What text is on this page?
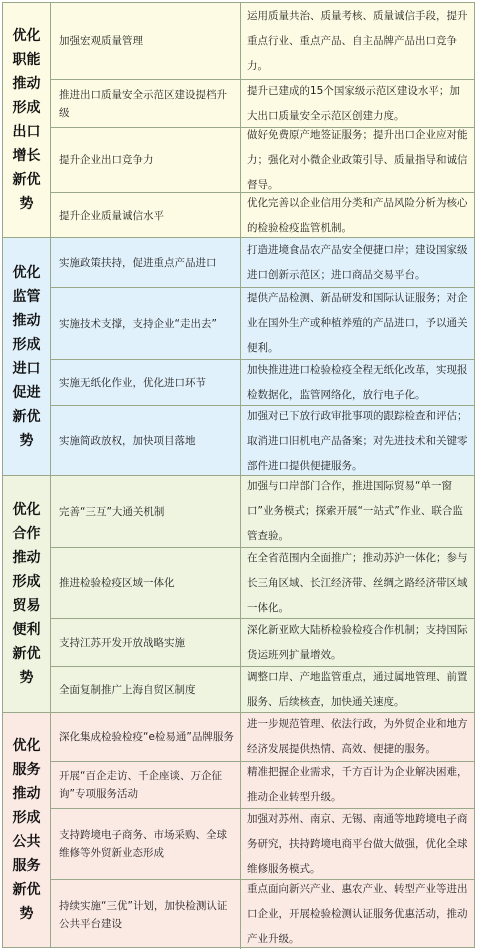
优化职能推动形成出口增长新优势
加强宏观质量管理
运用质量共治、质量考核、质量诚信手段，提升重点行业、重点产品、自主品牌产品出口竞争力。
推进出口质量安全示范区建设提档升级
提升已建成的15个国家级示范区建设水平；加大出口质量安全示范区创建力度。
提升企业出口竞争力
做好免费原产地签证服务；提升出口企业应对能力；强化对小微企业政策引导、质量指导和诚信督导。
提升企业质量诚信水平
优化完善以企业信用分类和产品风险分析为核心的检验检疫监管机制。
优化监管推动形成进口促进新优势
实施政策扶持，促进重点产品进口
打造进境食品农产品安全便捷口岸；建设国家级进口创新示范区；进口商品交易平台。
实施技术支撑，支持企业“走出去”
提供产品检测、新品研发和国际认证服务；对企业在国外生产或种植养殖的产品进口，予以通关便利。
实施无纸化作业，优化进口环节
加快推进进口检验检疫全程无纸化改革，实现报检数据化，监管网络化，放行电子化。
实施简政放权，加快项目落地
加强对已下放行政审批事项的跟踪检查和评估；取消进口旧机电产品备案；对先进技术和关键零部件进口提供便捷服务。
优化合作推动形成贸易便利新优势
完善“三互”大通关机制
加强与口岸部门合作，推进国际贸易“单一窗口”业务模式；探索开展“一站式”作业、联合监管查验。
推进检验检疫区域一体化
在全省范围内全面推广；推动苏沪一体化；参与长三角区域、长江经济带、丝绸之路经济带区域一体化。
支持江苏开发开放战略实施
深化新亚欧大陆桥检验检疫合作机制；支持国际货运班列扩量增效。
全面复制推广上海自贸区制度
调整口岸、产地监管重点，通过属地管理、前置服务、后续核查，加快通关速度。
优化服务推动形成公共服务新优势
深化集成检验检疫“e检易通”品牌服务
进一步规范管理、依法行政，为外贸企业和地方经济发展提供热情、高效、便捷的服务。
开展“百企走访、千企座谈、万企征询”专项服务活动
精准把握企业需求，千方百计为企业解决困难，推动企业转型升级。
支持跨境电子商务、市场采购、全球维修等外贸新业态形成
加强对苏州、南京、无锡、南通等地跨境电子商务研究，扶持跨境电商平台做大做强，优化全球维修服务模式。
持续实施“三优”计划，加快检测认证公共平台建设
重点面向新兴产业、惠农产业、转型产业等进出口企业，开展检验检测认证服务优惠活动，推动产业升级。
